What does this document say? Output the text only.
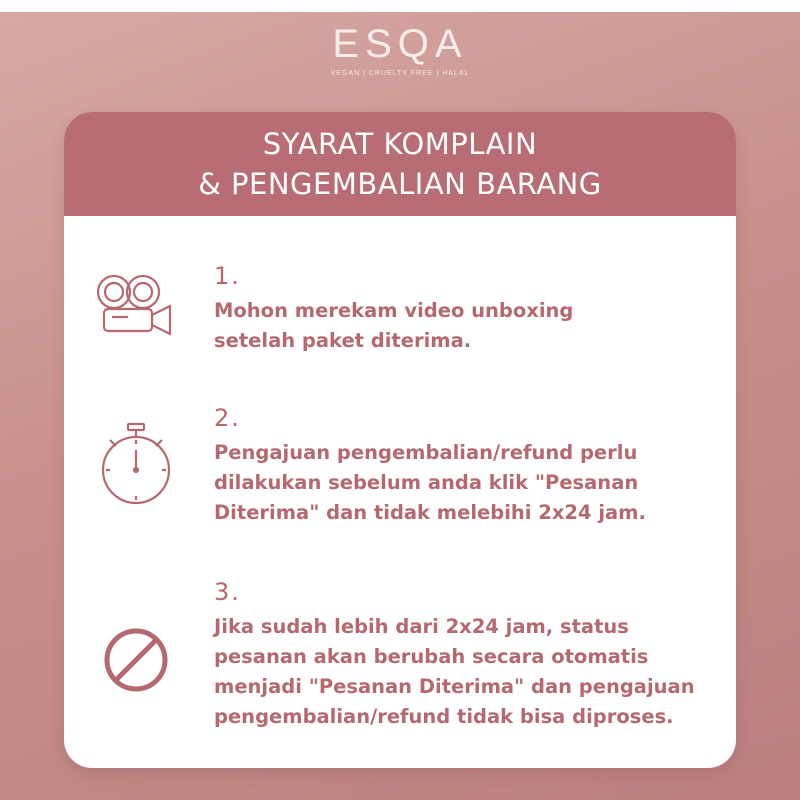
ESQA
VEGAN | CRUELTY FREE | HALAL
SYARAT KOMPLAIN
& PENGEMBALIAN BARANG
1.
Mohon merekam video unboxing
setelah paket diterima.
2.
Pengajuan pengembalian/refund perlu
dilakukan sebelum anda klik "Pesanan
Diterima" dan tidak melebihi 2x24 jam.
3.
Jika sudah lebih dari 2x24 jam, status
pesanan akan berubah secara otomatis
menjadi "Pesanan Diterima" dan pengajuan
pengembalian/refund tidak bisa diproses.
